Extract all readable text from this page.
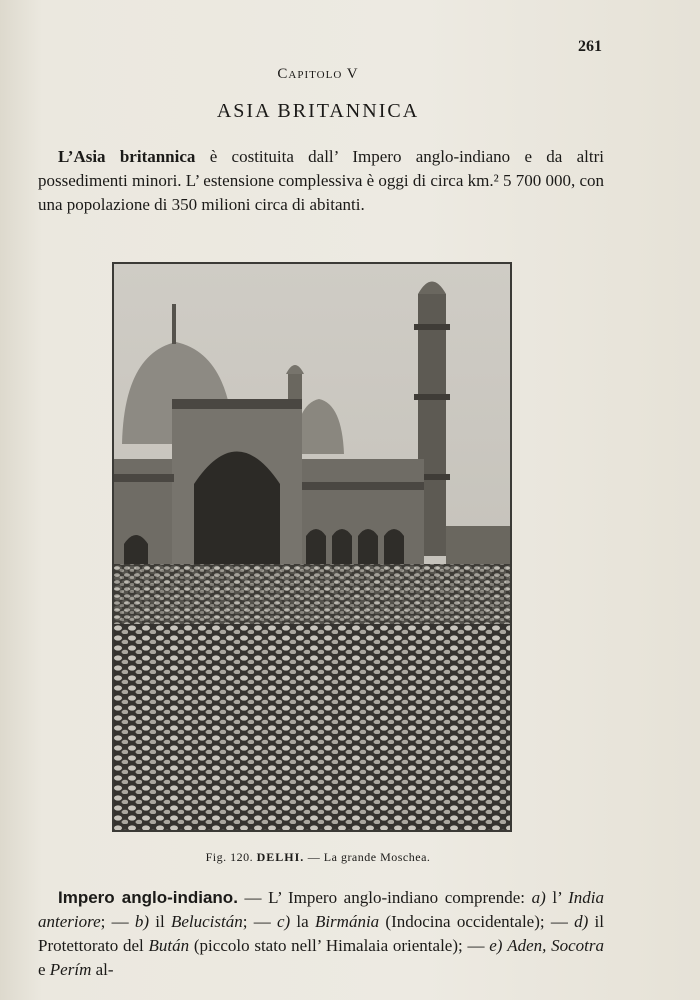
261
Capitolo V
ASIA BRITANNICA

L’Asia britannica è costituita dall’ Impero anglo-indiano e da altri possedimenti minori. L’ estensione complessiva è oggi di circa km.² 5 700 000, con una popolazione di 350 milioni circa di abitanti.

Fig. 120. DELHI. — La grande Moschea.

Impero anglo-indiano. — L’ Impero anglo-indiano comprende: a) l’ India anteriore; — b) il Belucistán; — c) la Birmánia (Indocina occidentale); — d) il Protettorato del Bután (piccolo stato nell’ Himalaia orientale); — e) Aden, Socotra e Perím al-
